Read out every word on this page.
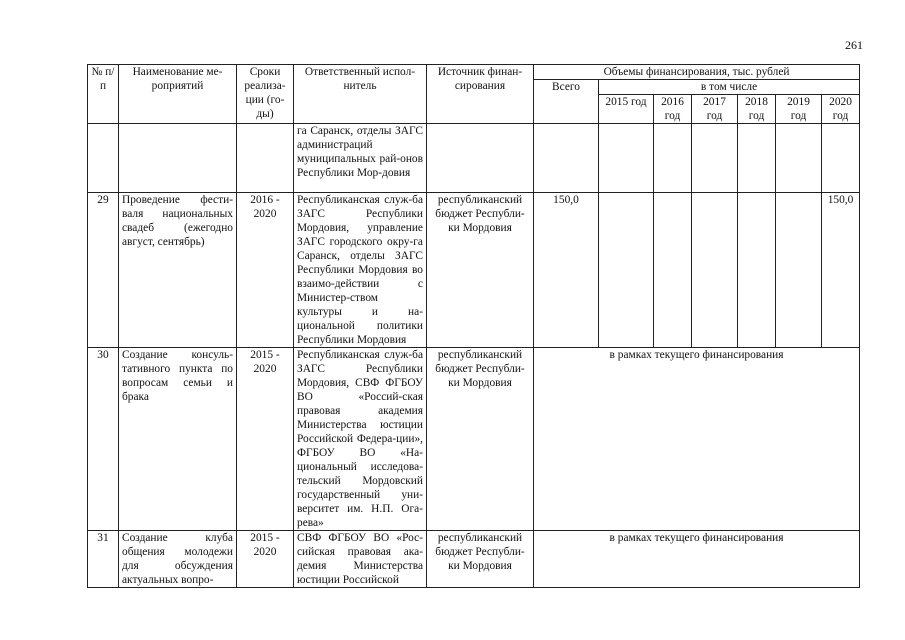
261
№ п/п	Наименование ме-роприятий	Сроки реализа-ции (го-ды)	Ответственный испол-нитель	Источник финан-сирования	Объемы финансирования, тыс. рублей						
					Всего	в том числе					
						2015 год	2016 год	2017 год	2018 год	2019 год	2020 год
			га Саранск, отделы ЗАГС администраций муниципальных рай-онов Республики Мор-довия								
29	Проведение фести-валя национальных свадеб (ежегодно август, сентябрь)	2016 - 2020	Республиканская служ-ба ЗАГС Республики Мордовия, управление ЗАГС городского окру-га Саранск, отделы ЗАГС Республики Мордовия во взаимо-действии с Министер-ством культуры и на-циональной политики Республики Мордовия	республиканский бюджет Республи-ки Мордовия	150,0						150,0
30	Создание консуль-тативного пункта по вопросам семьи и брака	2015 - 2020	Республиканская служ-ба ЗАГС Республики Мордовия, СВФ ФГБОУ ВО «Россий-ская правовая академия Министерства юстиции Российской Федера-ции», ФГБОУ ВО «На-циональный исследова-тельский Мордовский государственный уни-верситет им. Н.П. Ога-рева»	республиканский бюджет Республи-ки Мордовия	в рамках текущего финансирования						
31	Создание клуба общения молодежи для обсуждения актуальных вопро-	2015 - 2020	СВФ ФГБОУ ВО «Рос-сийская правовая ака-демия Министерства юстиции Российской	республиканский бюджет Республи-ки Мордовия	в рамках текущего финансирования						
